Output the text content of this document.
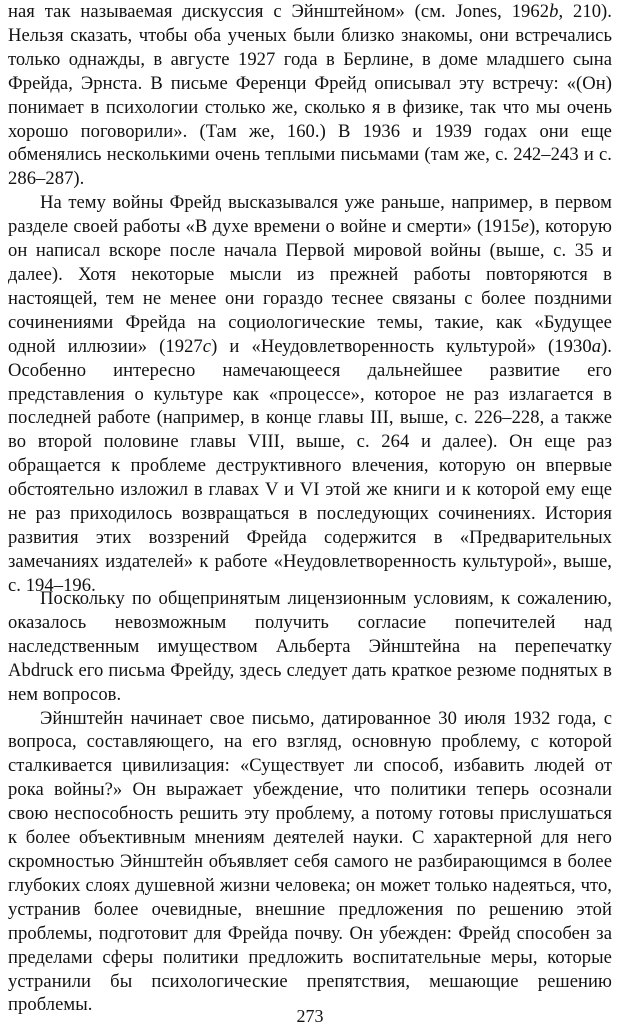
ная так называемая дискуссия с Эйнштейном» (см. Jones, 1962b, 210). Нельзя сказать, чтобы оба ученых были близко знакомы, они встречались только однажды, в августе 1927 года в Берлине, в доме младшего сына Фрейда, Эрнста. В письме Ференци Фрейд описывал эту встречу: «(Он) понимает в психологии столько же, сколько я в физике, так что мы очень хорошо поговорили». (Там же, 160.) В 1936 и 1939 годах они еще обменялись несколькими очень теплыми письмами (там же, с. 242–243 и с. 286–287).

На тему войны Фрейд высказывался уже раньше, например, в первом разделе своей работы «В духе времени о войне и смерти» (1915e), которую он написал вскоре после начала Первой мировой войны (выше, с. 35 и далее). Хотя некоторые мысли из прежней работы повторяются в настоящей, тем не менее они гораздо теснее связаны с более поздними сочинениями Фрейда на социологические темы, такие, как «Будущее одной иллюзии» (1927c) и «Неудовлетворенность культурой» (1930a). Особенно интересно намечающееся дальнейшее развитие его представления о культуре как «процессе», которое не раз излагается в последней работе (например, в конце главы III, выше, с. 226–228, а также во второй половине главы VIII, выше, с. 264 и далее). Он еще раз обращается к проблеме деструктивного влечения, которую он впервые обстоятельно изложил в главах V и VI этой же книги и к которой ему еще не раз приходилось возвращаться в последующих сочинениях. История развития этих воззрений Фрейда содержится в «Предварительных замечаниях издателей» к работе «Неудовлетворенность культурой», выше, с. 194–196.

Поскольку по общепринятым лицензионным условиям, к сожалению, оказалось невозможным получить согласие попечителей над наследственным имуществом Альберта Эйнштейна на перепечатку Abdruck его письма Фрейду, здесь следует дать краткое резюме поднятых в нем вопросов.

Эйнштейн начинает свое письмо, датированное 30 июля 1932 года, с вопроса, составляющего, на его взгляд, основную проблему, с которой сталкивается цивилизация: «Существует ли способ, избавить людей от рока войны?» Он выражает убеждение, что политики теперь осознали свою неспособность решить эту проблему, а потому готовы прислушаться к более объективным мнениям деятелей науки. С характерной для него скромностью Эйнштейн объявляет себя самого не разбирающимся в более глубоких слоях душевной жизни человека; он может только надеяться, что, устранив более очевидные, внешние предложения по решению этой проблемы, подготовит для Фрейда почву. Он убежден: Фрейд способен за пределами сферы политики предложить воспитательные меры, которые устранили бы психологические препятствия, мешающие решению проблемы.

273
